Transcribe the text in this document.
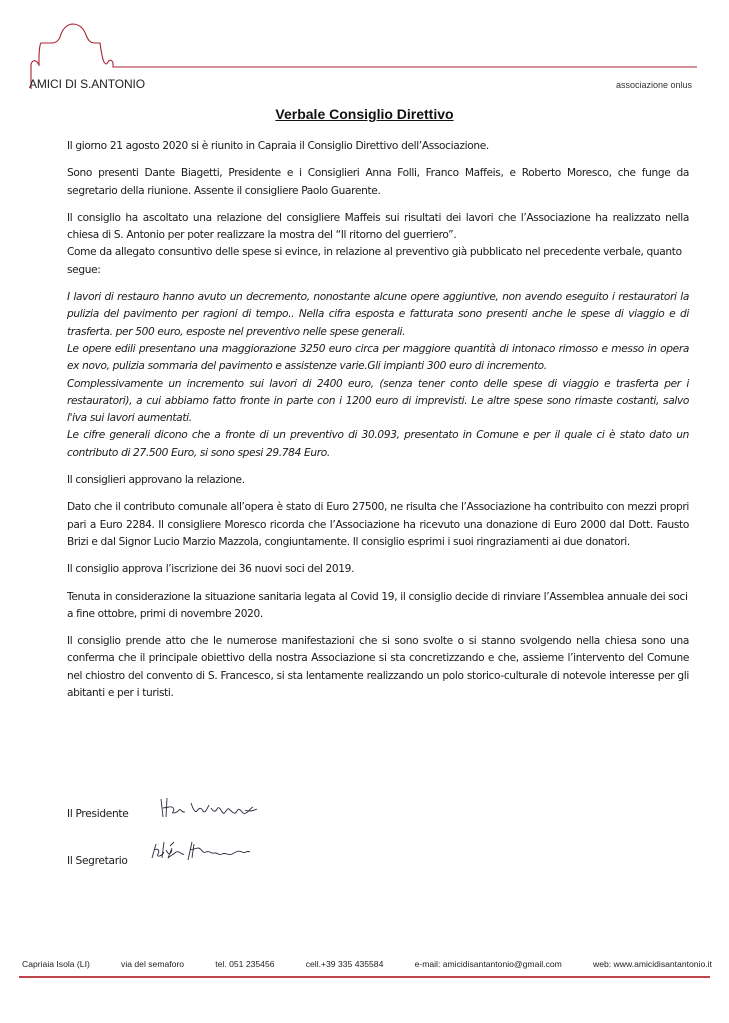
AMICI DI S.ANTONIO	associazione onlus
Verbale Consiglio Direttivo

Il giorno 21 agosto 2020 si è riunito in Capraia il Consiglio Direttivo dell’Associazione.

Sono presenti Dante Biagetti, Presidente e i Consiglieri Anna Folli, Franco Maffeis, e Roberto Moresco, che funge da segretario della riunione. Assente il consigliere Paolo Guarente.

Il consiglio ha ascoltato una relazione del consigliere Maffeis sui risultati dei lavori che l’Associazione ha realizzato nella chiesa di S. Antonio per poter realizzare la mostra del “Il ritorno del guerriero”.

Come da allegato consuntivo delle spese si evince, in relazione al preventivo già pubblicato nel precedente verbale, quanto segue:

I lavori di restauro hanno avuto un decremento, nonostante alcune opere aggiuntive, non avendo eseguito i restauratori la pulizia del pavimento per ragioni di tempo.. Nella cifra esposta e fatturata sono presenti anche le spese di viaggio e di trasferta. per 500 euro, esposte nel preventivo nelle spese generali.

Le opere edili presentano una maggiorazione 3250 euro circa per maggiore quantità di intonaco rimosso e messo in opera ex novo, pulizia sommaria del pavimento e assistenze varie.Gli impianti 300 euro di incremento.

Complessivamente un incremento sui lavori di 2400 euro, (senza tener conto delle spese di viaggio e trasferta per i restauratori), a cui abbiamo fatto fronte in parte con i 1200 euro di imprevisti. Le altre spese sono rimaste costanti, salvo l'iva sui lavori aumentati.

Le cifre generali dicono che a fronte di un preventivo di 30.093, presentato in Comune e per il quale ci è stato dato un contributo di 27.500 Euro, si sono spesi 29.784 Euro.

Il consiglieri approvano la relazione.

Dato che il contributo comunale all’opera è stato di Euro 27500, ne risulta che l’Associazione ha contribuito con mezzi propri pari a Euro 2284. Il consigliere Moresco ricorda che l’Associazione ha ricevuto una donazione di Euro 2000 dal Dott. Fausto Brizi e dal Signor Lucio Marzio Mazzola, congiuntamente. Il consiglio esprimi i suoi ringraziamenti ai due donatori.

Il consiglio approva l’iscrizione dei 36 nuovi soci del 2019.

Tenuta in considerazione la situazione sanitaria legata al Covid 19, il consiglio decide di rinviare l’Assemblea annuale dei soci a fine ottobre, primi di novembre 2020.

Il consiglio prende atto che le numerose manifestazioni che si sono svolte o si stanno svolgendo nella chiesa sono una conferma che il principale obiettivo della nostra Associazione si sta concretizzando e che, assieme l’intervento del Comune nel chiostro del convento di S. Francesco, si sta lentamente realizzando un polo storico-culturale di notevole interesse per gli abitanti e per i turisti.

Il Presidente
Il Segretario
Capriaia Isola (LI)	via del semaforo	tel. 051 235456	cell.+39 335 435584	e-mail: amicidisantantonio@gmail.com	web: www.amicidisantantonio.it
